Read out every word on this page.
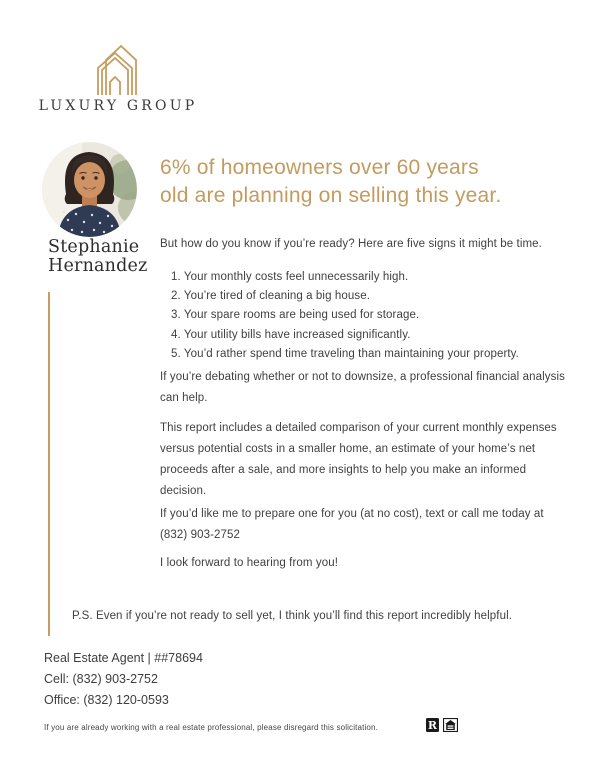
LUXURY GROUP
Stephanie
Hernandez
6% of homeowners over 60 years
old are planning on selling this year.
But how do you know if you’re ready? Here are five signs it might be time.
1. Your monthly costs feel unnecessarily high.
2. You’re tired of cleaning a big house.
3. Your spare rooms are being used for storage.
4. Your utility bills have increased significantly.
5. You’d rather spend time traveling than maintaining your property.
If you’re debating whether or not to downsize, a professional financial analysis can help.
This report includes a detailed comparison of your current monthly expenses versus potential costs in a smaller home, an estimate of your home’s net proceeds after a sale, and more insights to help you make an informed decision.
If you’d like me to prepare one for you (at no cost), text or call me today at (832) 903-2752
I look forward to hearing from you!
P.S. Even if you’re not ready to sell yet, I think you’ll find this report incredibly helpful.
Real Estate Agent | ##78694
Cell: (832) 903-2752
Office: (832) 120-0593
If you are already working with a real estate professional, please disregard this solicitation.	R
